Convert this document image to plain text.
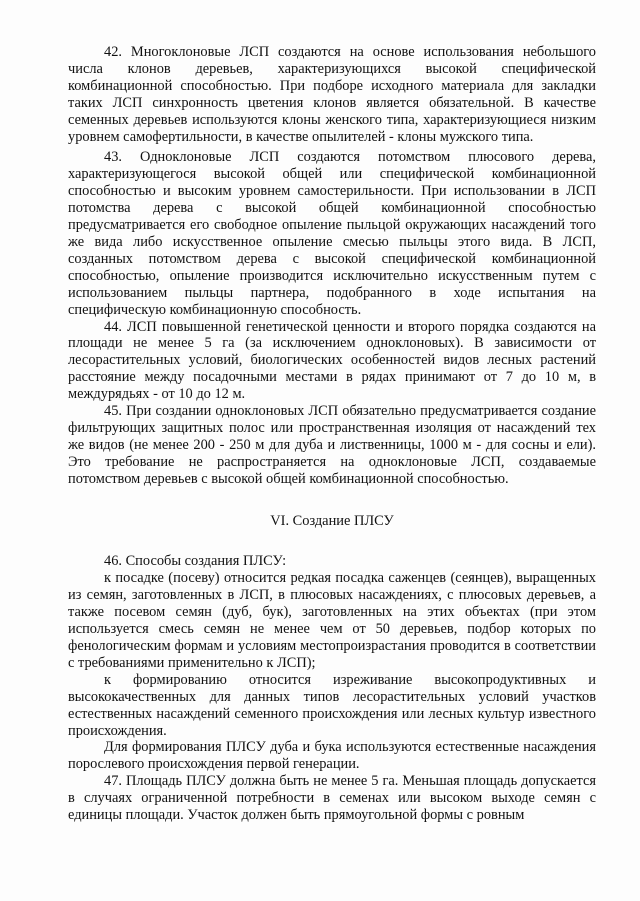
42. Многоклоновые ЛСП создаются на основе использования небольшого числа клонов деревьев, характеризующихся высокой специфической комбинационной способностью. При подборе исходного материала для закладки таких ЛСП синхронность цветения клонов является обязательной. В качестве семенных деревьев используются клоны женского типа, характеризующиеся низким уровнем самофертильности, в качестве опылителей - клоны мужского типа.

43. Одноклоновые ЛСП создаются потомством плюсового дерева, характеризующегося высокой общей или специфической комбинационной способностью и высоким уровнем самостерильности. При использовании в ЛСП потомства дерева с высокой общей комбинационной способностью предусматривается его свободное опыление пыльцой окружающих насаждений того же вида либо искусственное опыление смесью пыльцы этого вида. В ЛСП, созданных потомством дерева с высокой специфической комбинационной способностью, опыление производится исключительно искусственным путем с использованием пыльцы партнера, подобранного в ходе испытания на специфическую комбинационную способность.

44. ЛСП повышенной генетической ценности и второго порядка создаются на площади не менее 5 га (за исключением одноклоновых). В зависимости от лесорастительных условий, биологических особенностей видов лесных растений расстояние между посадочными местами в рядах принимают от 7 до 10 м, в междурядьях - от 10 до 12 м.

45. При создании одноклоновых ЛСП обязательно предусматривается создание фильтрующих защитных полос или пространственная изоляция от насаждений тех же видов (не менее 200 - 250 м для дуба и лиственницы, 1000 м - для сосны и ели). Это требование не распространяется на одноклоновые ЛСП, создаваемые потомством деревьев с высокой общей комбинационной способностью.

VI. Создание ПЛСУ

46. Способы создания ПЛСУ:

к посадке (посеву) относится редкая посадка саженцев (сеянцев), выращенных из семян, заготовленных в ЛСП, в плюсовых насаждениях, с плюсовых деревьев, а также посевом семян (дуб, бук), заготовленных на этих объектах (при этом используется смесь семян не менее чем от 50 деревьев, подбор которых по фенологическим формам и условиям местопроизрастания проводится в соответствии с требованиями применительно к ЛСП);

к формированию относится изреживание высокопродуктивных и высококачественных для данных типов лесорастительных условий участков естественных насаждений семенного происхождения или лесных культур известного происхождения.

Для формирования ПЛСУ дуба и бука используются естественные насаждения порослевого происхождения первой генерации.

47. Площадь ПЛСУ должна быть не менее 5 га. Меньшая площадь допускается в случаях ограниченной потребности в семенах или высоком выходе семян с единицы площади. Участок должен быть прямоугольной формы с ровным
